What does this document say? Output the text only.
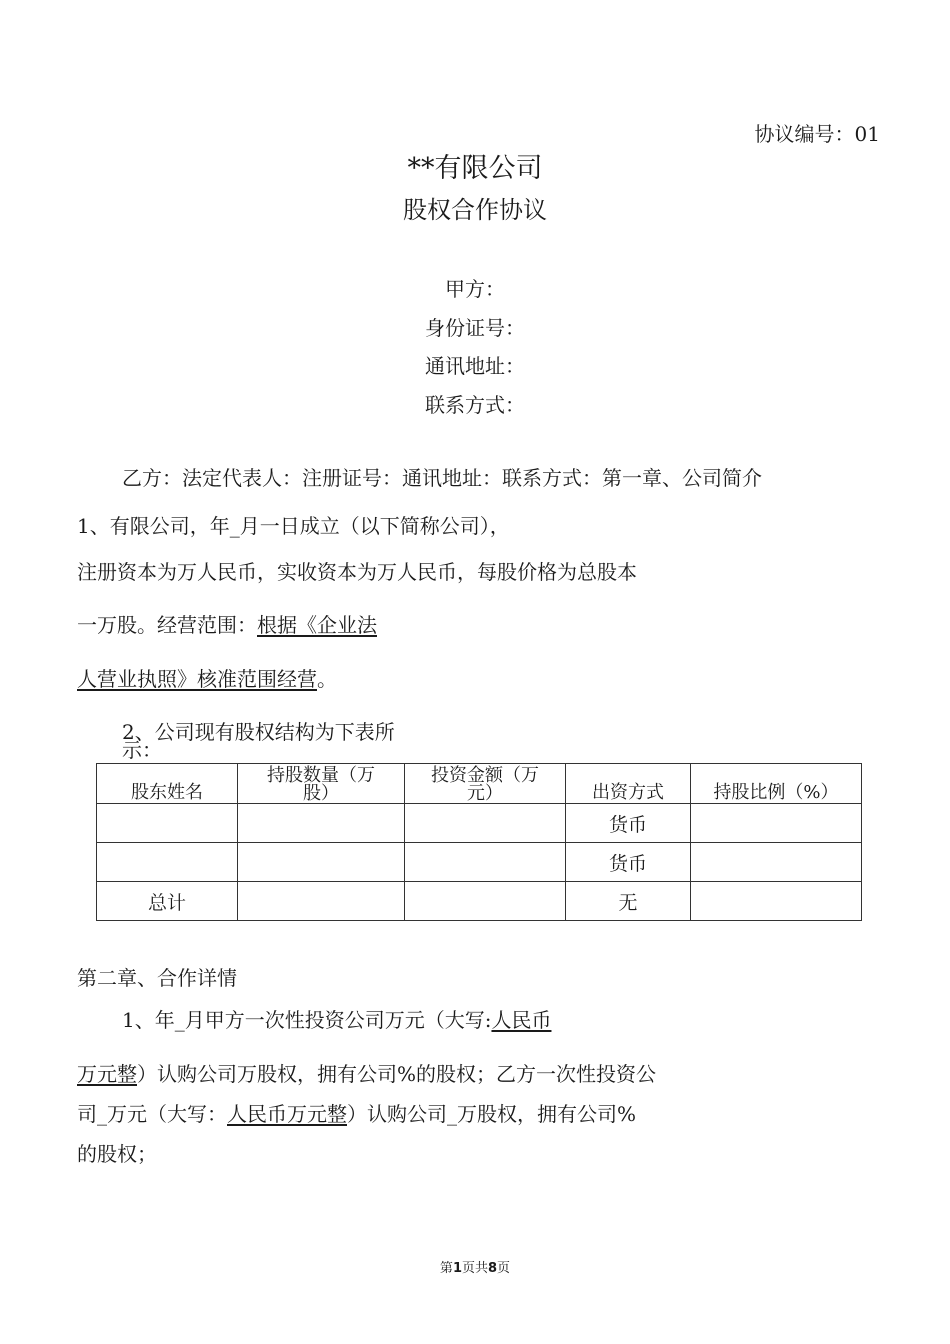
协议编号：01
**有限公司
股权合作协议
甲方：
身份证号：
通讯地址：
联系方式：
乙方：法定代表人：注册证号：通讯地址：联系方式：第一章、公司简介
1、有限公司，年_月一日成立（以下简称公司），
注册资本为万人民币，实收资本为万人民币，每股价格为总股本
一万股。经营范围：根据《企业法
人营业执照》核准范围经营。
2、公司现有股权结构为下表所
示：
股东姓名	持股数量（万股）	投资金额（万元）	出资方式	持股比例（%）

			货币	
			货币	
总计			无	
第二章、合作详情
1、年_月甲方一次性投资公司万元（大写:人民币
万元整）认购公司万股权，拥有公司%的股权；乙方一次性投资公
司_万元（大写：人民币万元整）认购公司_万股权，拥有公司%
的股权；
第1页共8页
